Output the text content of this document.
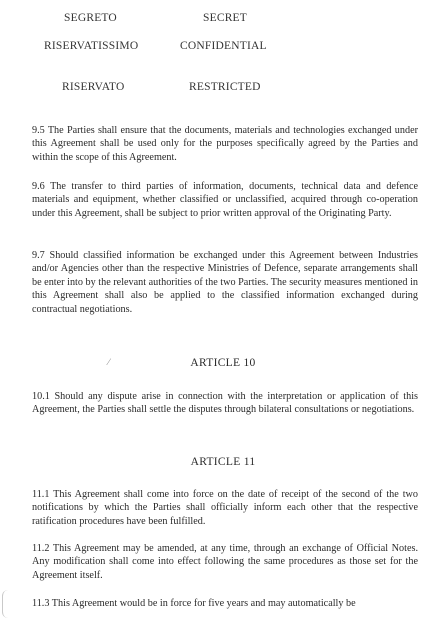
SEGRETO	SECRET
RISERVATISSIMO	CONFIDENTIAL
RISERVATO	RESTRICTED

9.5 The Parties shall ensure that the documents, materials and technologies exchanged under this Agreement shall be used only for the purposes specifically agreed by the Parties and within the scope of this Agreement.

9.6 The transfer to third parties of information, documents, technical data and defence materials and equipment, whether classified or unclassified, acquired through co-operation under this Agreement, shall be subject to prior written approval of the Originating Party.

9.7 Should classified information be exchanged under this Agreement between Industries and/or Agencies other than the respective Ministries of Defence, separate arrangements shall be enter into by the relevant authorities of the two Parties. The security measures mentioned in this Agreement shall also be applied to the classified information exchanged during contractual negotiations.

⁄	ARTICLE 10

10.1 Should any dispute arise in connection with the interpretation or application of this Agreement, the Parties shall settle the disputes through bilateral consultations or negotiations.

ARTICLE 11

11.1 This Agreement shall come into force on the date of receipt of the second of the two notifications by which the Parties shall officially inform each other that the respective ratification procedures have been fulfilled.

11.2 This Agreement may be amended, at any time, through an exchange of Official Notes. Any modification shall come into effect following the same procedures as those set for the Agreement itself.

11.3 This Agreement would be in force for five years and may automatically be
